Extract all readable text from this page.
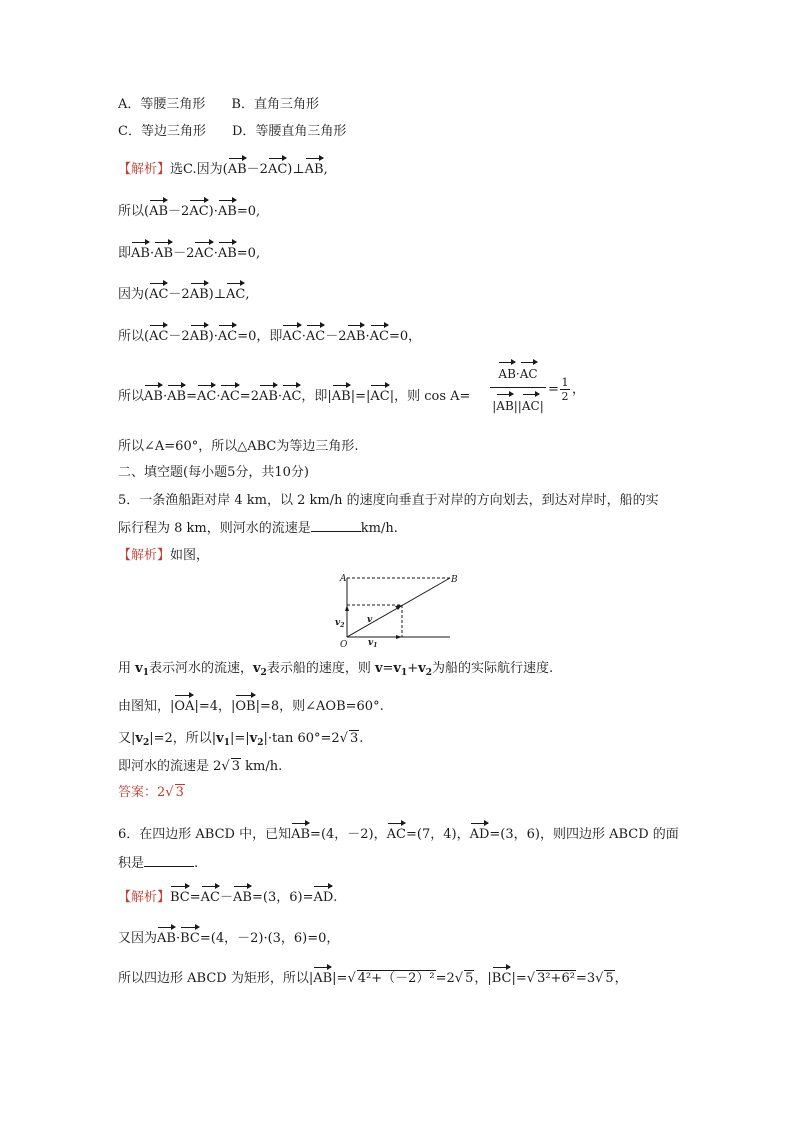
A．等腰三角形 B．直角三角形
C．等边三角形 D．等腰直角三角形
【解析】选C.因为(AB－2AC)⊥AB,
所以(AB－2AC)·AB=0,
即AB·AB－2AC·AB=0,
因为(AC－2AB)⊥AC,
所以(AC－2AB)·AC=0，即AC·AC－2AB·AC=0，
所以AB·AB=AC·AC=2AB·AC，即|AB|=|AC|，则 cos A=
AB·AC
|AB||AC|
= 1
2 ，
所以∠A=60°，所以△ABC为等边三角形.
二、填空题(每小题5分，共10分)
5．一条渔船距对岸 4 km，以 2 km/h 的速度向垂直于对岸的方向划去，到达对岸时，船的实
际行程为 8 km，则河水的流速是	km/h.
【解析】如图，
A	B
O
v
$v_2$
$v_1$
用 $v_1$表示河水的流速，$v_2$表示船的速度，则 $v=v_1+v_2$为船的实际航行速度.
由图知，|OA|=4，|OB|=8，则∠AOB=60°.
又$|v_2|=2$，所以$|v_1|=|v_2|\cdot\tan$ 60°=2√ 3.
即河水的流速是 2√ 3 km/h.
答案：2√ 3
6．在四边形 ABCD 中，已知AB=(4，－2)，AC=(7，4)，AD=(3，6)，则四边形 ABCD 的面
积是	.
【解析】BC=AC－AB=(3，6)=AD.
又因为AB·BC=(4，－2)·(3，6)=0，
所以四边形 ABCD 为矩形，所以|AB|=√ 4²+（－2）²=2√ 5，|BC|=√ 3²+6²=3√ 5，
